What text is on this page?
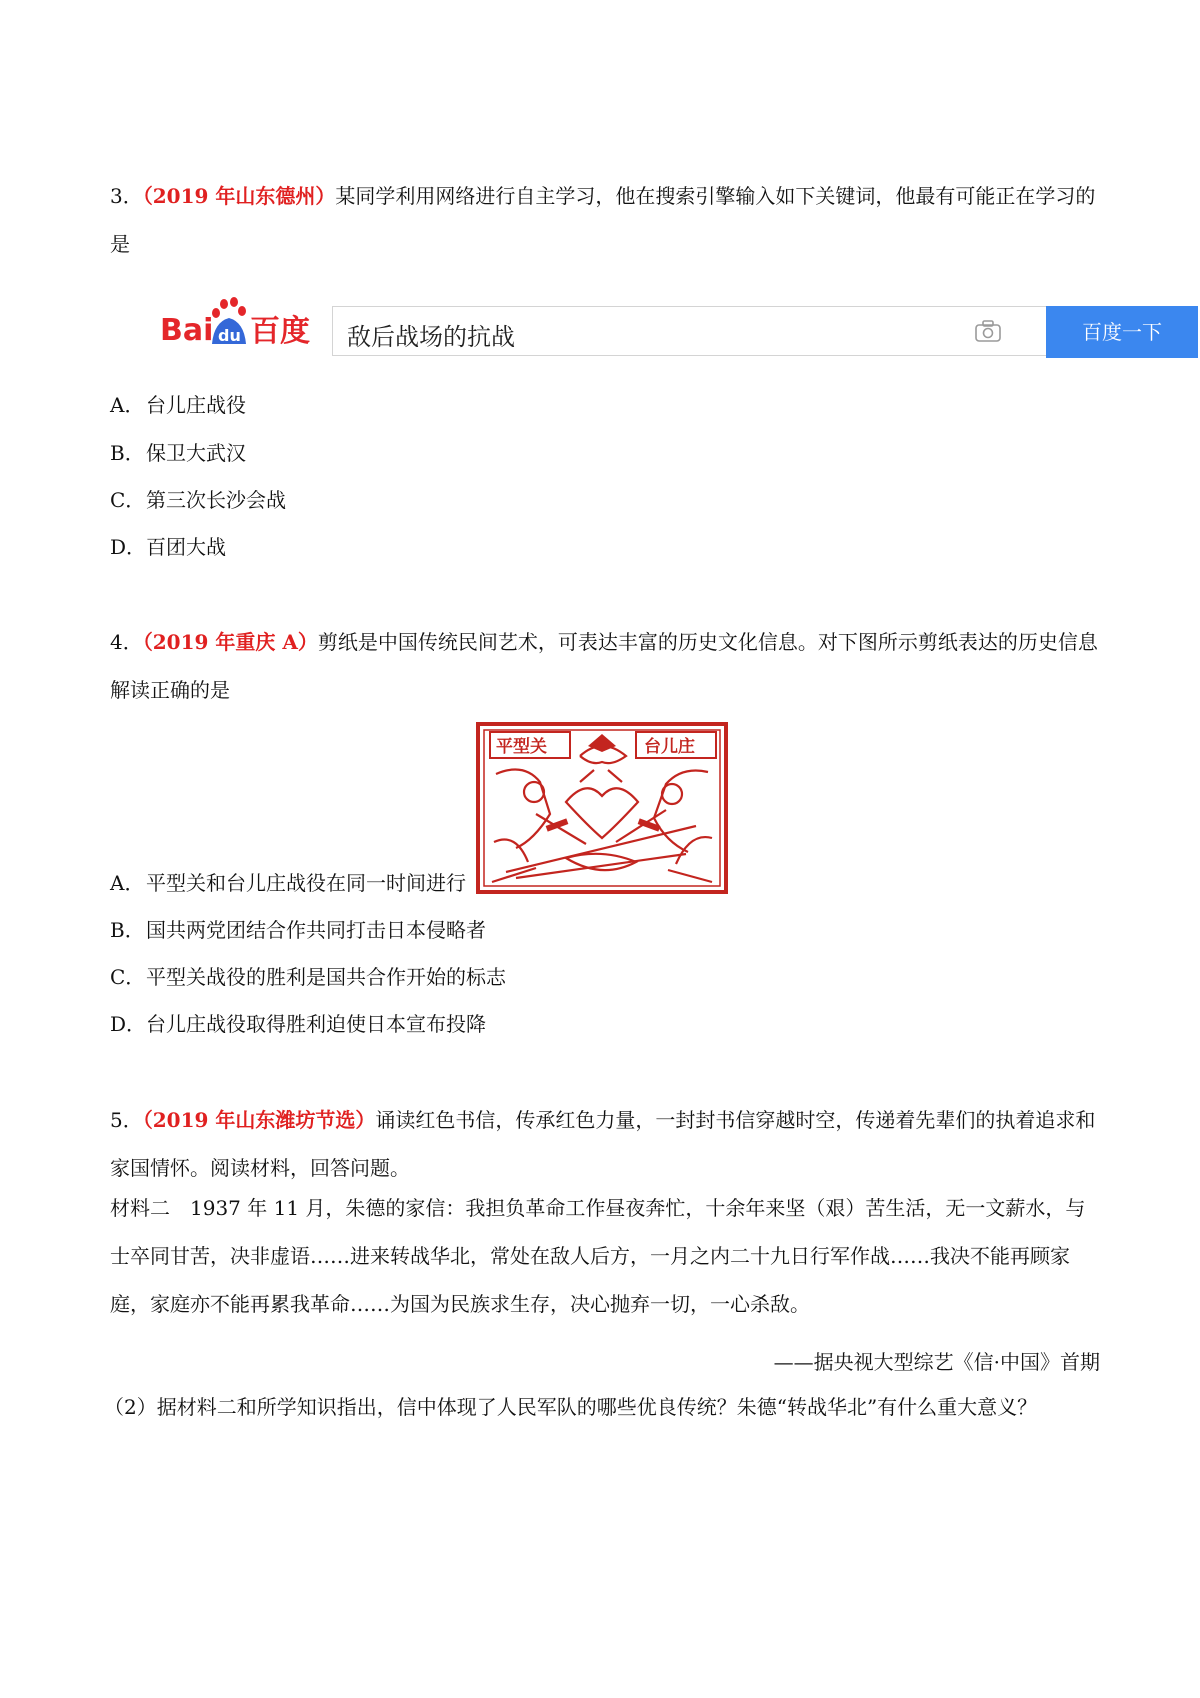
3．（2019 年山东德州）某同学利用网络进行自主学习，他在搜索引擎输入如下关键词，他最有可能正在学习的是
Bai du 百度 敌后战场的抗战	百度一下
A．台儿庄战役
B．保卫大武汉
C．第三次长沙会战
D．百团大战
4．（2019 年重庆 A）剪纸是中国传统民间艺术，可表达丰富的历史文化信息。对下图所示剪纸表达的历史信息解读正确的是
平型关	台儿庄
A．平型关和台儿庄战役在同一时间进行
B．国共两党团结合作共同打击日本侵略者
C．平型关战役的胜利是国共合作开始的标志
D．台儿庄战役取得胜利迫使日本宣布投降
5．（2019 年山东潍坊节选）诵读红色书信，传承红色力量，一封封书信穿越时空，传递着先辈们的执着追求和家国情怀。阅读材料，回答问题。
材料二　1937 年 11 月，朱德的家信：我担负革命工作昼夜奔忙，十余年来坚（艰）苦生活，无一文薪水，与士卒同甘苦，决非虚语……进来转战华北，常处在敌人后方，一月之内二十九日行军作战……我决不能再顾家庭，家庭亦不能再累我革命……为国为民族求生存，决心抛弃一切，一心杀敌。
——据央视大型综艺《信·中国》首期
（2）据材料二和所学知识指出，信中体现了人民军队的哪些优良传统？朱德“转战华北”有什么重大意义？
